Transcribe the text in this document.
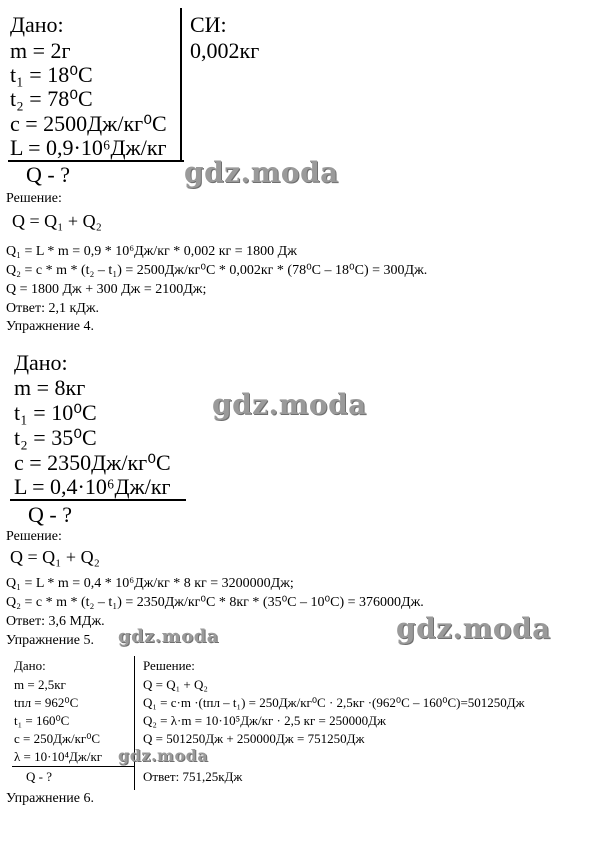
Дано:
m = 2г
t₁ = 18⁰C
t₂ = 78⁰C
c = 2500Дж/кг⁰C
L = 0,9·10⁶Дж/кг
Q - ?
СИ:
0,002кг
gdz.moda
Решение:
Q = Q₁ + Q₂
Q₁ = L * m = 0,9 * 10⁶Дж/кг * 0,002 кг = 1800 Дж
Q₂ = c * m * (t₂ – t₁) = 2500Дж/кг⁰C * 0,002кг * (78⁰C – 18⁰C) = 300Дж.
Q = 1800 Дж + 300 Дж = 2100Дж;
Ответ: 2,1 кДж.
Упражнение 4.
Дано:
m = 8кг
t₁ = 10⁰C
t₂ = 35⁰C
c = 2350Дж/кг⁰C
L = 0,4·10⁶Дж/кг
Q - ?
gdz.moda
Решение:
Q = Q₁ + Q₂
Q₁ = L * m = 0,4 * 10⁶Дж/кг * 8 кг = 3200000Дж;
Q₂ = c * m * (t₂ – t₁) = 2350Дж/кг⁰C * 8кг * (35⁰C – 10⁰C) = 376000Дж.
Ответ: 3,6 МДж.
Упражнение 5. gdz.moda	gdz.moda
Дано:
m = 2,5кг
tпл = 962⁰C
t₁ = 160⁰C
c = 250Дж/кг⁰C
λ = 10·10⁴Дж/кг
Q - ?
gdz.moda
Решение:
Q = Q₁ + Q₂
Q₁ = c·m ·(tпл – t₁) = 250Дж/кг⁰C · 2,5кг ·(962⁰C – 160⁰C)=501250Дж
Q₂ = λ·m = 10·10⁵Дж/кг · 2,5 кг = 250000Дж
Q = 501250Дж + 250000Дж = 751250Дж
Ответ: 751,25кДж
Упражнение 6.
